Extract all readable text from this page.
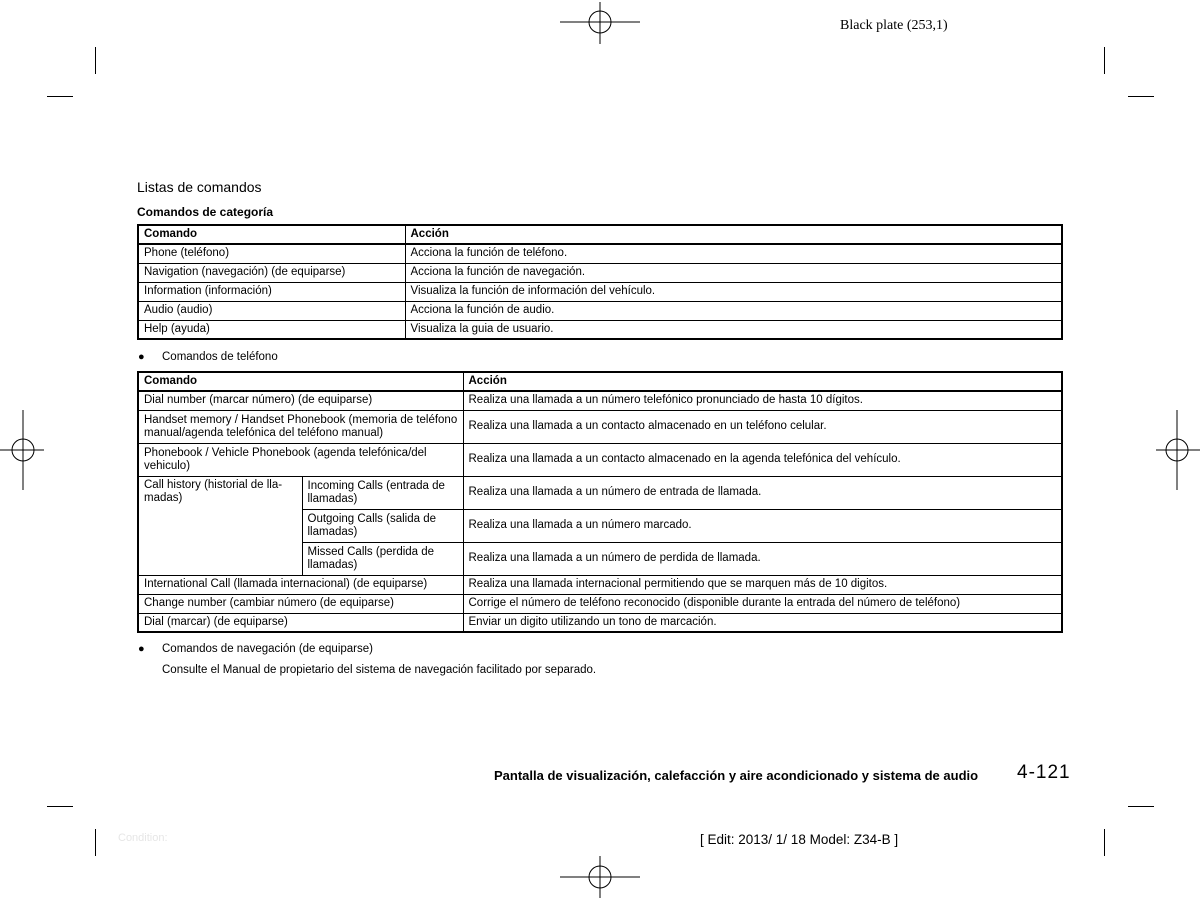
Black plate (253,1)
Listas de comandos
Comandos de categoría
Comando	Acción
Phone (teléfono)	Acciona la función de teléfono.
Navigation (navegación) (de equiparse)	Acciona la función de navegación.
Information (información)	Visualiza la función de información del vehículo.
Audio (audio)	Acciona la función de audio.
Help (ayuda)	Visualiza la guia de usuario.
● Comandos de teléfono
Comando		Acción
Dial number (marcar número) (de equiparse)		Realiza una llamada a un número telefónico pronunciado de hasta 10 dígitos.
Handset memory / Handset Phonebook (memoria de teléfono manual/agenda telefónica del teléfono manual)		Realiza una llamada a un contacto almacenado en un teléfono celular.
Phonebook / Vehicle Phonebook (agenda telefónica/del vehiculo)		Realiza una llamada a un contacto almacenado en la agenda telefónica del vehículo.
Call history (historial de lla-madas)	Incoming Calls (entrada de llamadas)	Realiza una llamada a un número de entrada de llamada.
	Outgoing Calls (salida de llamadas)	Realiza una llamada a un número marcado.
	Missed Calls (perdida de llamadas)	Realiza una llamada a un número de perdida de llamada.
International Call (llamada internacional) (de equiparse)		Realiza una llamada internacional permitiendo que se marquen más de 10 digitos.
Change number (cambiar número (de equiparse)		Corrige el número de teléfono reconocido (disponible durante la entrada del número de teléfono)
Dial (marcar) (de equiparse)		Enviar un digito utilizando un tono de marcación.
● Comandos de navegación (de equiparse)
Consulte el Manual de propietario del sistema de navegación facilitado por separado.
Pantalla de visualización, calefacción y aire acondicionado y sistema de audio 4-121
Condition:	[ Edit: 2013/ 1/ 18 Model: Z34-B ]
